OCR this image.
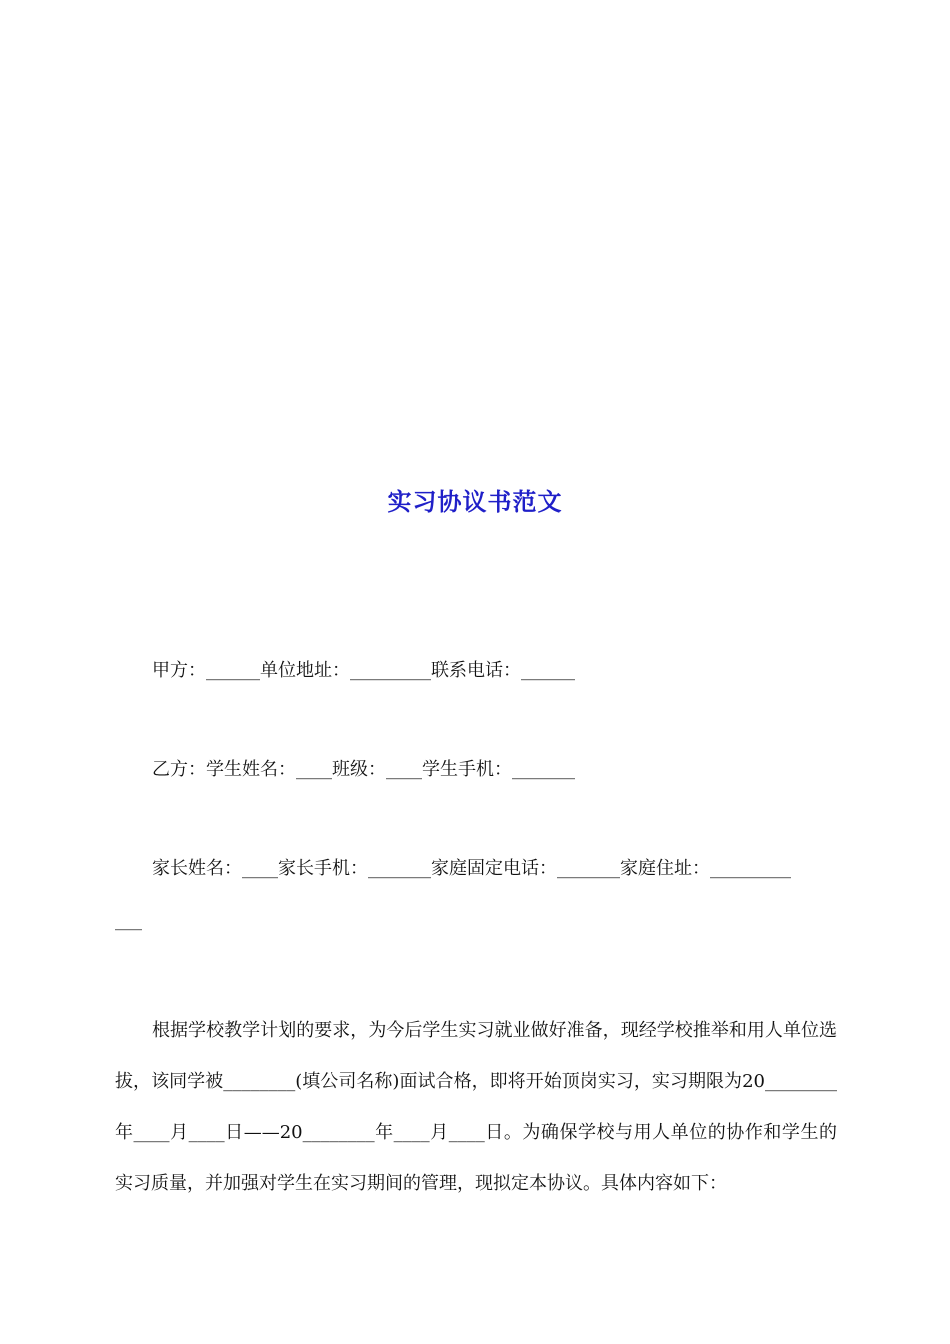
实习协议书范文
甲方：______单位地址：_________联系电话：______
乙方：学生姓名：____班级：____学生手机：_______
家长姓名：____家长手机：_______家庭固定电话：_______家庭住址：_________
___

根据学校教学计划的要求，为今后学生实习就业做好准备，现经学校推举和用人单位选拔，该同学被________(填公司名称)面试合格，即将开始顶岗实习，实习期限为20________年____月____日——20________年____月____日。为确保学校与用人单位的协作和学生的实习质量，并加强对学生在实习期间的管理，现拟定本协议。具体内容如下：
